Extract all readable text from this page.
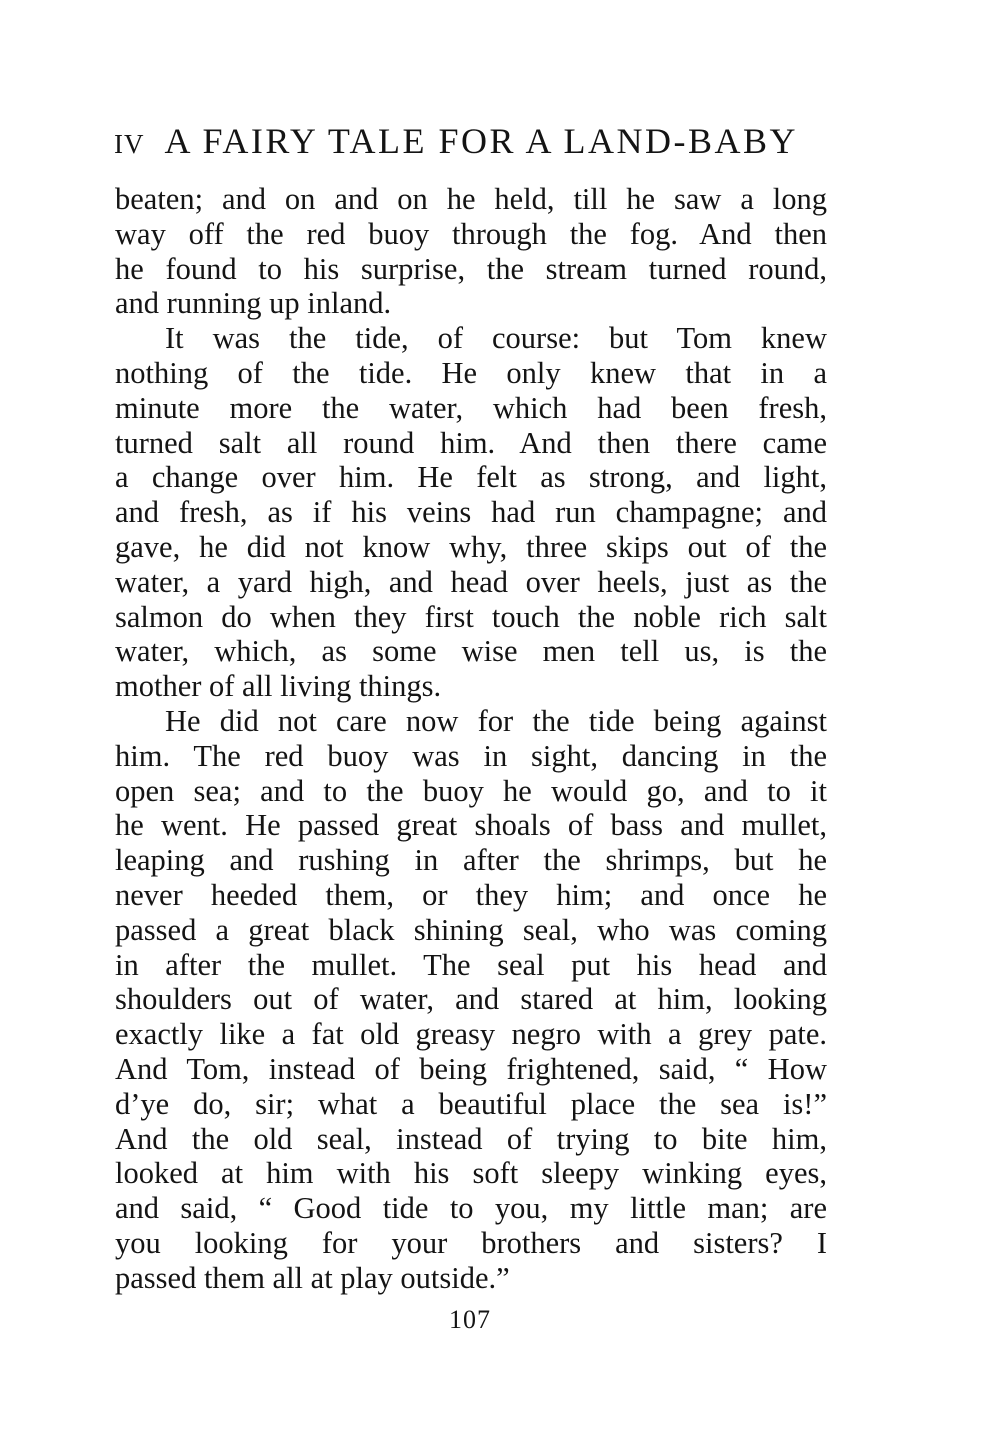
IV A FAIRY TALE FOR A LAND-BABY
beaten; and on and on he held, till he saw a long
way off the red buoy through the fog. And then
he found to his surprise, the stream turned round,
and running up inland.
It was the tide, of course: but Tom knew
nothing of the tide. He only knew that in a
minute more the water, which had been fresh,
turned salt all round him. And then there came
a change over him. He felt as strong, and light,
and fresh, as if his veins had run champagne; and
gave, he did not know why, three skips out of the
water, a yard high, and head over heels, just as the
salmon do when they first touch the noble rich salt
water, which, as some wise men tell us, is the
mother of all living things.
He did not care now for the tide being against
him. The red buoy was in sight, dancing in the
open sea; and to the buoy he would go, and to it
he went. He passed great shoals of bass and mullet,
leaping and rushing in after the shrimps, but he
never heeded them, or they him; and once he
passed a great black shining seal, who was coming
in after the mullet. The seal put his head and
shoulders out of water, and stared at him, looking
exactly like a fat old greasy negro with a grey pate.
And Tom, instead of being frightened, said, “ How
d’ye do, sir; what a beautiful place the sea is!”
And the old seal, instead of trying to bite him,
looked at him with his soft sleepy winking eyes,
and said, “ Good tide to you, my little man; are
you looking for your brothers and sisters? I
passed them all at play outside.”
107
